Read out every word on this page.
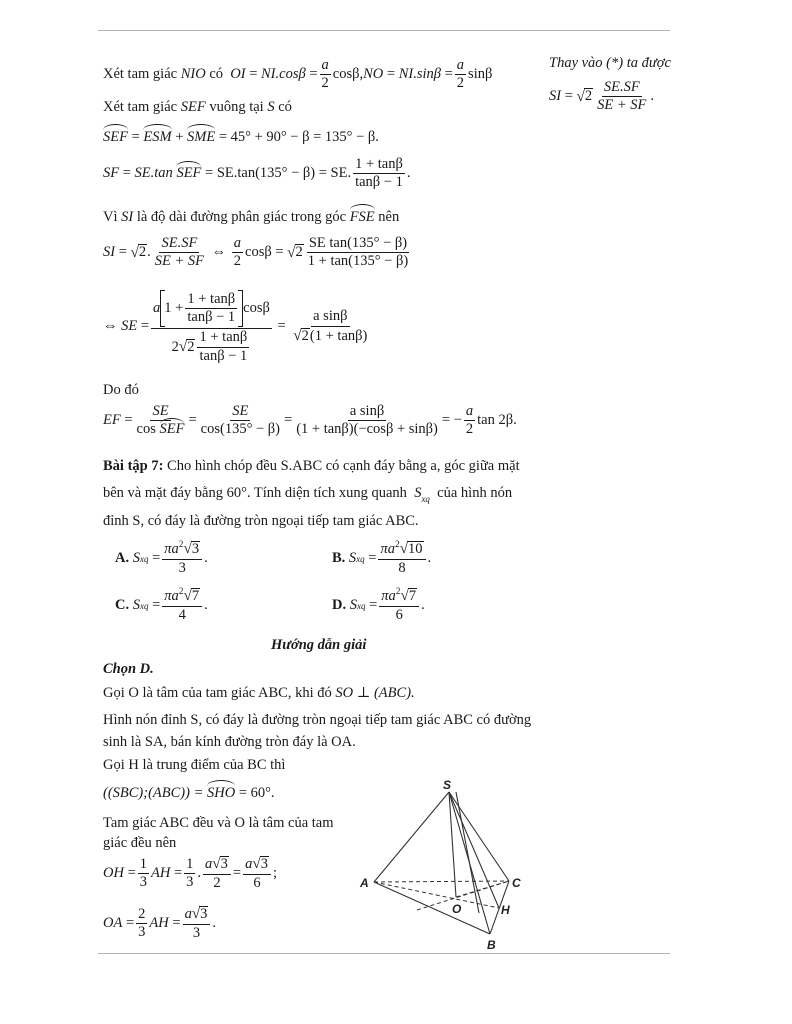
Thay vào (*) ta được
SI = √ $2 \frac{SE.SF}{SE + SF}$ .
Xét tam giác
NIO
có
OI = $NI.\cos\beta = \frac{a}{2} \cos\beta$, NO = $NI.\sin\beta = \frac{a}{2}$ sinβ
Xét tam giác SEF vuông tại S có
SEF = ESM + SME = 45° + 90° − β = 135° − β.
SF = SE.tan
SEF
= SE.tan(135° − β) = SE. $\frac{1 + \tan\beta}{\tan\beta - 1}$ .
Vì SI là độ dài đường phân giác trong góc FSE nên
SI = √ 2 . $\frac{SE.SF}{SE + SF}$ ⇔ $\frac{a}{2}$ cosβ = √ $2 \frac{\text{SE tan(135° − β)}}{1 + \tan(135^\circ - \beta)}$
⇔ SE = $\frac{a 1 + \frac{1 + \tan\beta}{\tan\beta - 1} \cos\beta}{2 √ 2 \frac{1 + \tan\beta}{\tan\beta - 1}} = \frac{\text{a sinβ}}{√2(1 + \tan\beta)}$
Do đó
EF = $\frac{SE}{\text{cos SEF}} = \frac{SE}{\cos(135^\circ - \beta)} = \frac{\text{a sinβ}}{(1 + \tan\beta)(-\cos\beta + \sin\beta)}$ = − $\frac{a}{2}$ tan 2β.
Bài tập 7: Cho hình chóp đều S.ABC có cạnh đáy bằng a, góc giữa mặt
bên và mặt đáy bằng 60°. Tính diện tích xung quanh $S_{xq}$ của hình nón
đỉnh S, có đáy là đường tròn ngoại tiếp tam giác ABC.
A.
S xq = $\frac{\pi a^2√3}{3}$ .	B.
S xq = $\frac{\pi a^2√10}{8}$ .
C.
S xq = $\frac{\pi a^2√7}{4}$ .	D.
S xq = $\frac{\pi a^2√7}{6}$ .
Hướng dẫn giải
Chọn D.
Gọi O là tâm của tam giác ABC, khi đó SO ⊥ (ABC).
Hình nón đỉnh S, có đáy là đường tròn ngoại tiếp tam giác ABC có đường
sinh là SA, bán kính đường tròn đáy là OA.
Gọi H là trung điểm của BC thì
((SBC);(ABC)) = SHO = 60°.
Tam giác ABC đều và O là tâm của tam
giác đều nên
OH = $\frac{1}{3}$ AH = $\frac{1}{3}$ . $\frac{a√3}{2} = \frac{a√3}{6}$ ;
OA = $\frac{2}{3}$ AH = $\frac{a√3}{3}$ .
S
A
B
C
O	H
